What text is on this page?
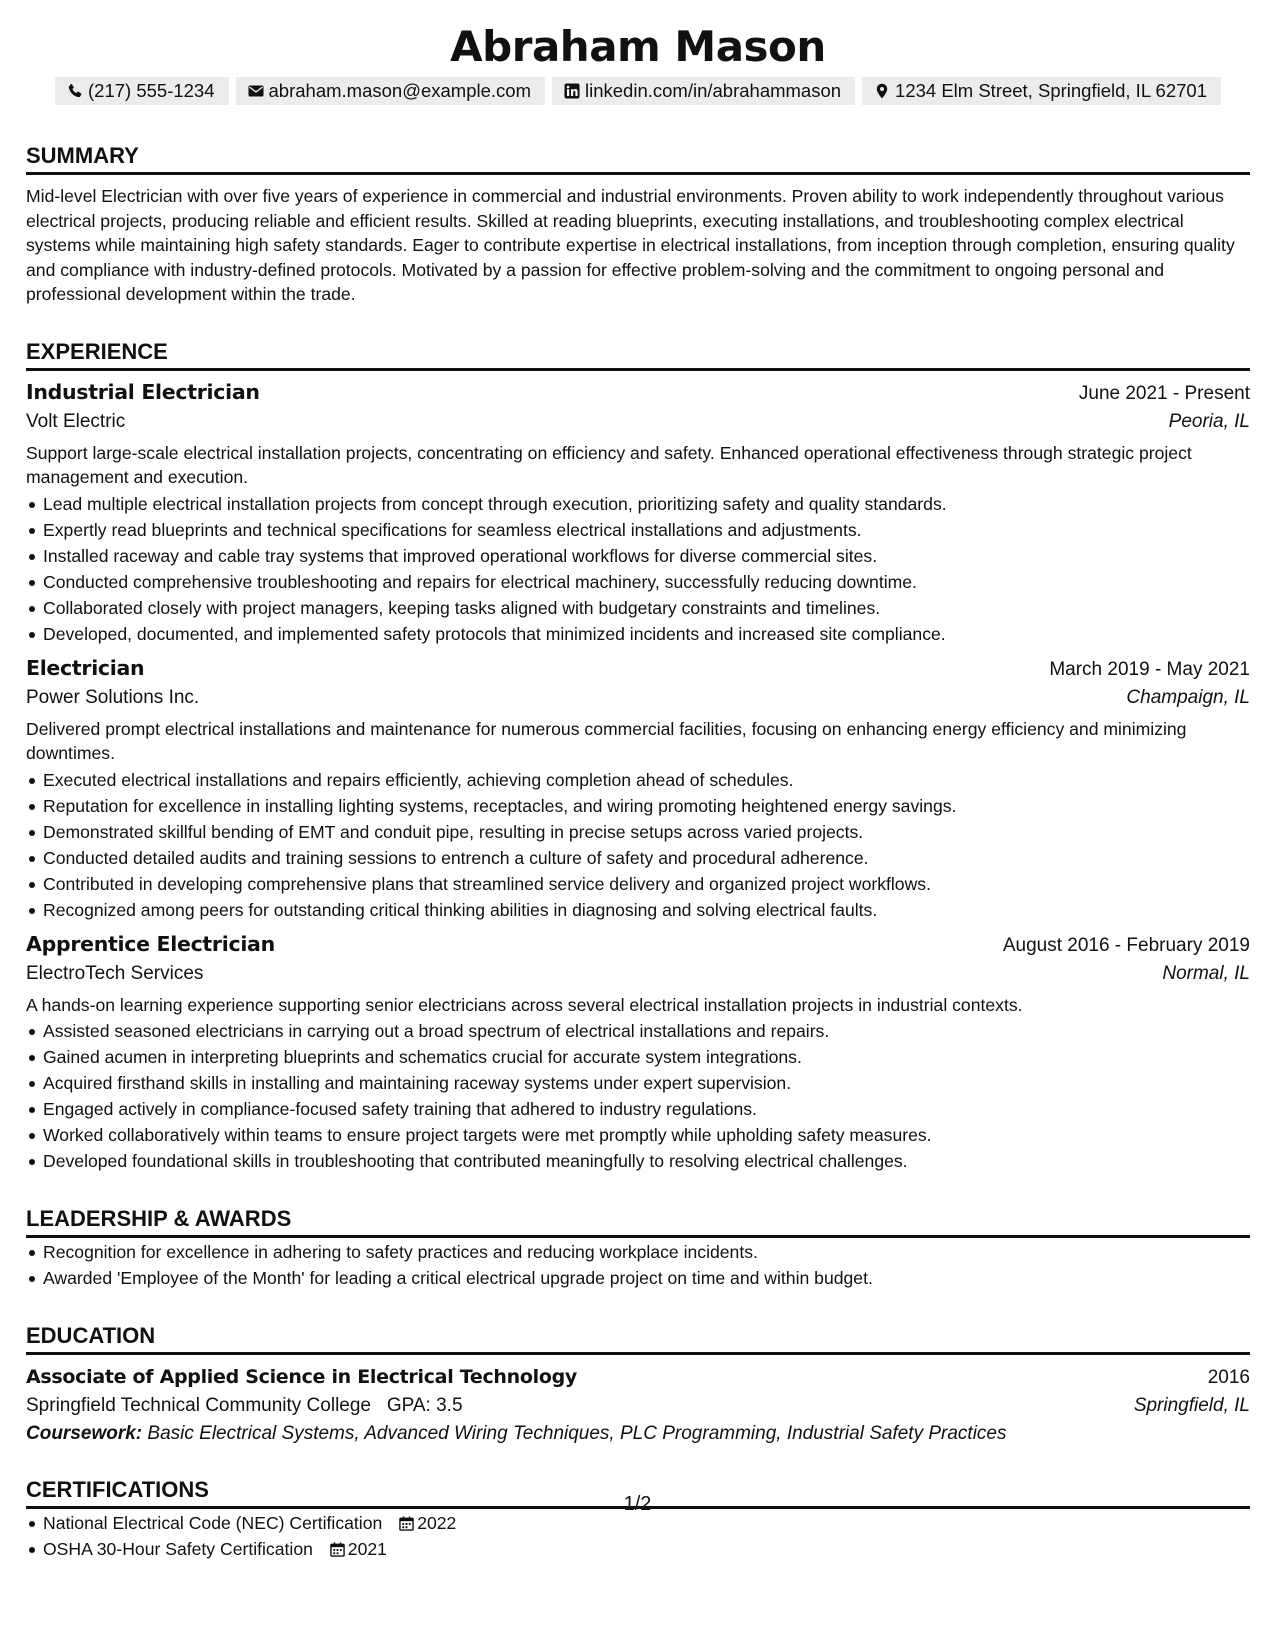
Abraham Mason
(217) 555-1234	abraham.mason@example.com	linkedin.com/in/abrahammason	1234 Elm Street, Springfield, IL 62701
SUMMARY

Mid-level Electrician with over five years of experience in commercial and industrial environments. Proven ability to work independently throughout various electrical projects, producing reliable and efficient results. Skilled at reading blueprints, executing installations, and troubleshooting complex electrical systems while maintaining high safety standards. Eager to contribute expertise in electrical installations, from inception through completion, ensuring quality and compliance with industry-defined protocols. Motivated by a passion for effective problem-solving and the commitment to ongoing personal and professional development within the trade.

EXPERIENCE
Industrial Electrician	June 2021 - Present
Volt Electric	Peoria, IL

Support large-scale electrical installation projects, concentrating on efficiency and safety. Enhanced operational effectiveness through strategic project management and execution.

Lead multiple electrical installation projects from concept through execution, prioritizing safety and quality standards.
Expertly read blueprints and technical specifications for seamless electrical installations and adjustments.
Installed raceway and cable tray systems that improved operational workflows for diverse commercial sites.
Conducted comprehensive troubleshooting and repairs for electrical machinery, successfully reducing downtime.
Collaborated closely with project managers, keeping tasks aligned with budgetary constraints and timelines.
Developed, documented, and implemented safety protocols that minimized incidents and increased site compliance.
Electrician	March 2019 - May 2021
Power Solutions Inc.	Champaign, IL

Delivered prompt electrical installations and maintenance for numerous commercial facilities, focusing on enhancing energy efficiency and minimizing downtimes.

Executed electrical installations and repairs efficiently, achieving completion ahead of schedules.
Reputation for excellence in installing lighting systems, receptacles, and wiring promoting heightened energy savings.
Demonstrated skillful bending of EMT and conduit pipe, resulting in precise setups across varied projects.
Conducted detailed audits and training sessions to entrench a culture of safety and procedural adherence.
Contributed in developing comprehensive plans that streamlined service delivery and organized project workflows.
Recognized among peers for outstanding critical thinking abilities in diagnosing and solving electrical faults.
Apprentice Electrician	August 2016 - February 2019
ElectroTech Services	Normal, IL

A hands-on learning experience supporting senior electricians across several electrical installation projects in industrial contexts.

Assisted seasoned electricians in carrying out a broad spectrum of electrical installations and repairs.
Gained acumen in interpreting blueprints and schematics crucial for accurate system integrations.
Acquired firsthand skills in installing and maintaining raceway systems under expert supervision.
Engaged actively in compliance-focused safety training that adhered to industry regulations.
Worked collaboratively within teams to ensure project targets were met promptly while upholding safety measures.
Developed foundational skills in troubleshooting that contributed meaningfully to resolving electrical challenges.
LEADERSHIP & AWARDS
Recognition for excellence in adhering to safety practices and reducing workplace incidents.
Awarded 'Employee of the Month' for leading a critical electrical upgrade project on time and within budget.
EDUCATION
Associate of Applied Science in Electrical Technology	2016
Springfield Technical Community College GPA: 3.5	Springfield, IL
Coursework: Basic Electrical Systems, Advanced Wiring Techniques, PLC Programming, Industrial Safety Practices
CERTIFICATIONS
National Electrical Code (NEC) Certification 2022
OSHA 30-Hour Safety Certification 2021
1/2
